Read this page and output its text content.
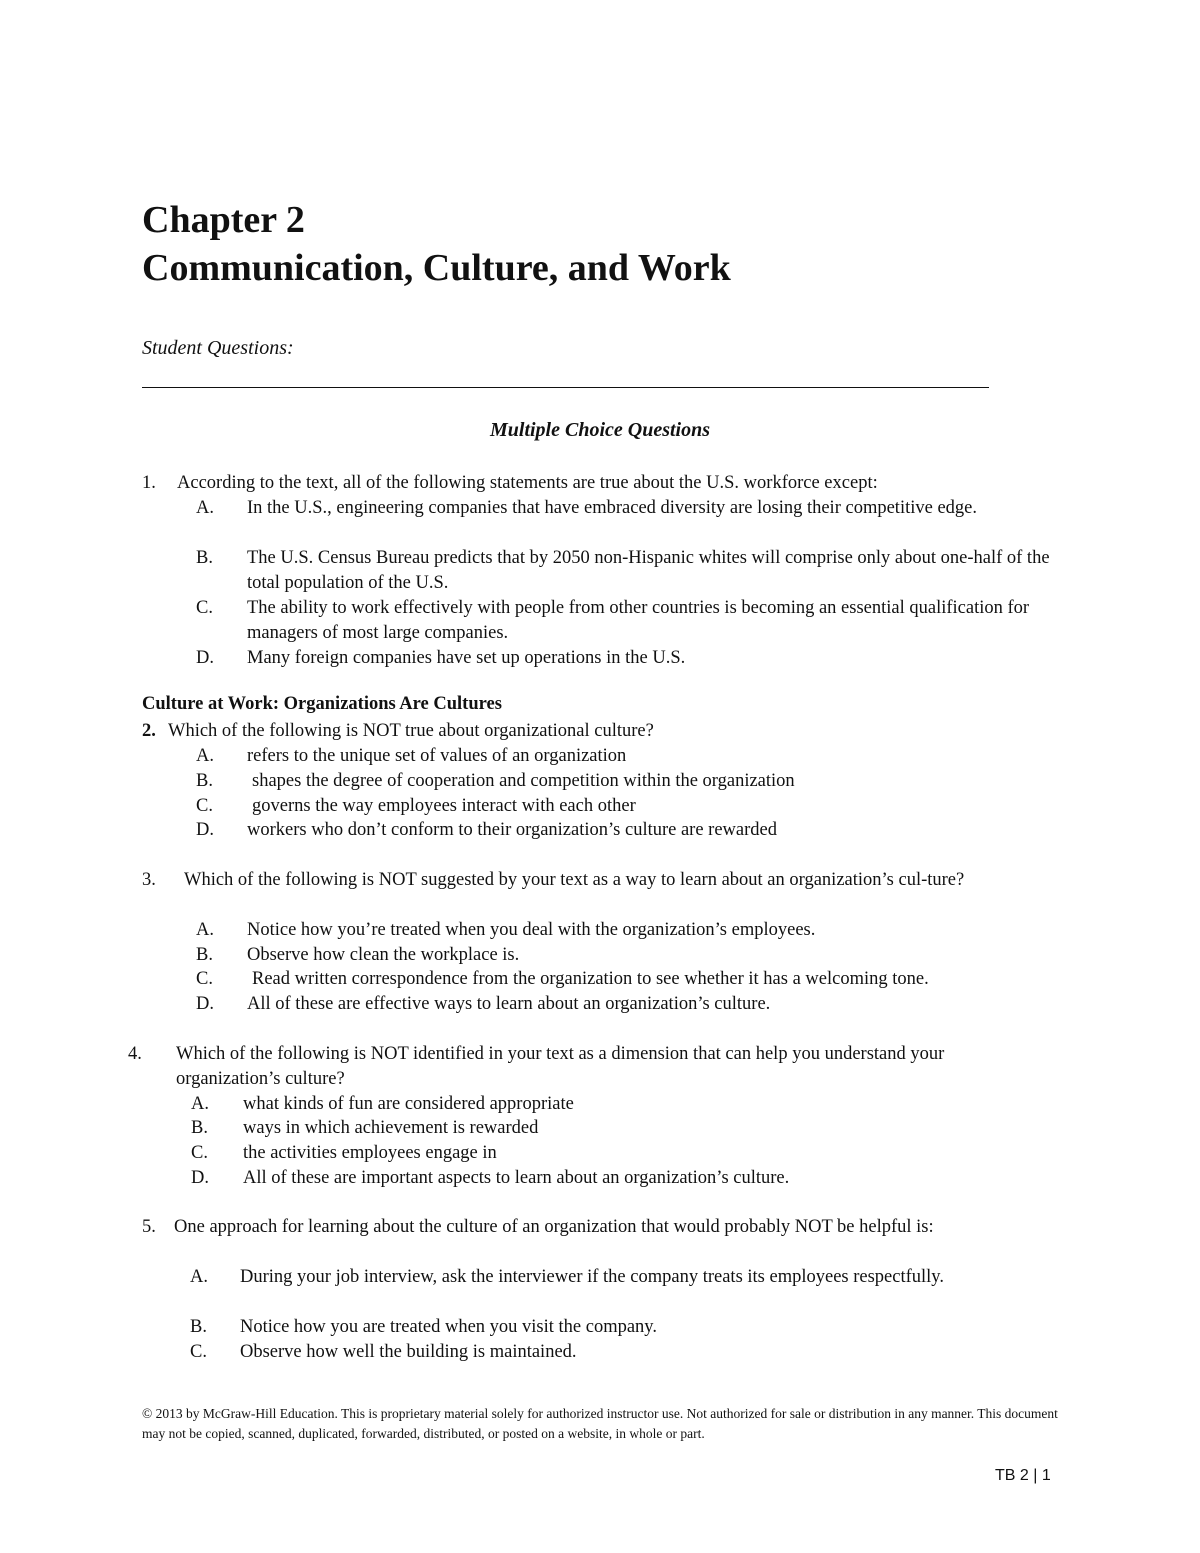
Chapter 2
Communication, Culture, and Work
Student Questions:
Multiple Choice Questions
1. According to the text, all of the following statements are true about the U.S. workforce except:
A. In the U.S., engineering companies that have embraced diversity are losing their competitive edge.
B. The U.S. Census Bureau predicts that by 2050 non-Hispanic whites will comprise only about one-half of the total population of the U.S.
C. The ability to work effectively with people from other countries is becoming an essential qualification for managers of most large companies.
D. Many foreign companies have set up operations in the U.S.
Culture at Work: Organizations Are Cultures
2. Which of the following is NOT true about organizational culture?
A. refers to the unique set of values of an organization
B. shapes the degree of cooperation and competition within the organization
C. governs the way employees interact with each other
D. workers who don’t conform to their organization’s culture are rewarded
3. Which of the following is NOT suggested by your text as a way to learn about an organization’s cul-ture?
A. Notice how you’re treated when you deal with the organization’s employees.
B. Observe how clean the workplace is.
C. Read written correspondence from the organization to see whether it has a welcoming tone.
D. All of these are effective ways to learn about an organization’s culture.
4. Which of the following is NOT identified in your text as a dimension that can help you understand your organization’s culture?
A. what kinds of fun are considered appropriate
B. ways in which achievement is rewarded
C. the activities employees engage in
D. All of these are important aspects to learn about an organization’s culture.
5. One approach for learning about the culture of an organization that would probably NOT be helpful is:
A. During your job interview, ask the interviewer if the company treats its employees respectfully.
B. Notice how you are treated when you visit the company.
C. Observe how well the building is maintained.
© 2013 by McGraw-Hill Education. This is proprietary material solely for authorized instructor use. Not authorized for sale or distribution in any manner. This document may not be copied, scanned, duplicated, forwarded, distributed, or posted on a website, in whole or part.
TB 2 | 1
